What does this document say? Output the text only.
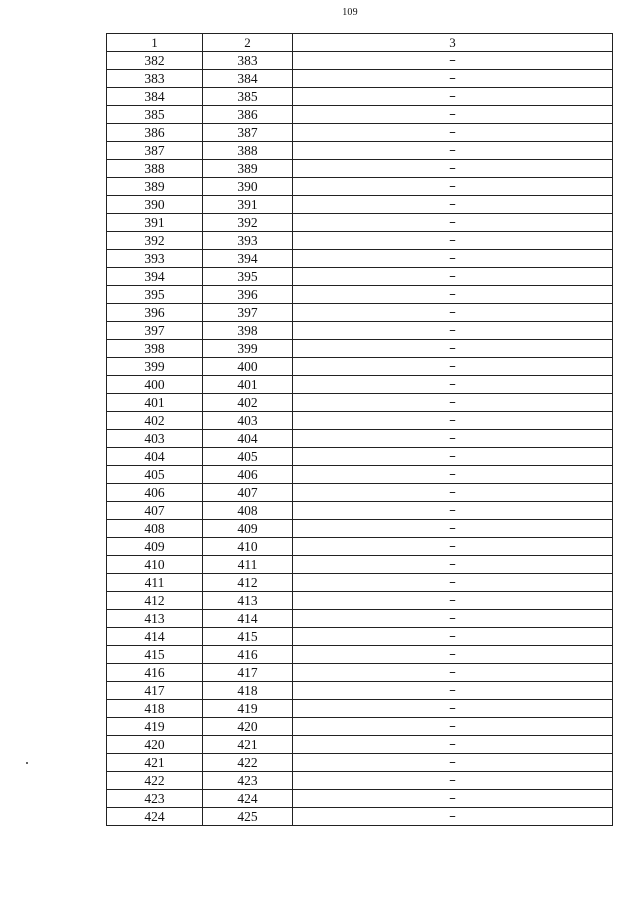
109
1	2	3
382	383	–
383	384	–
384	385	–
385	386	–
386	387	–
387	388	–
388	389	–
389	390	–
390	391	–
391	392	–
392	393	–
393	394	–
394	395	–
395	396	–
396	397	–
397	398	–
398	399	–
399	400	–
400	401	–
401	402	–
402	403	–
403	404	–
404	405	–
405	406	–
406	407	–
407	408	–
408	409	–
409	410	–
410	411	–
411	412	–
412	413	–
413	414	–
414	415	–
415	416	–
416	417	–
417	418	–
418	419	–
419	420	–
420	421	–
421	422	–
422	423	–
423	424	–
424	425	–
